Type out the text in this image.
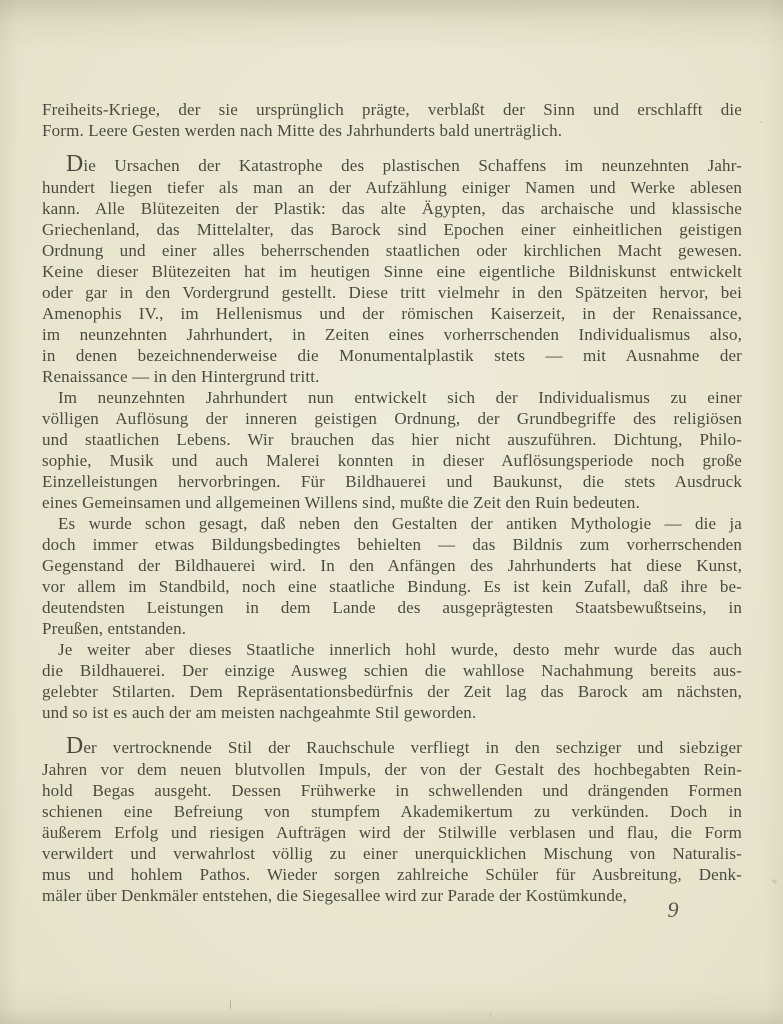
Freiheits-Kriege, der sie ursprünglich prägte, verblaßt der Sinn und erschlafft die
Form. Leere Gesten werden nach Mitte des Jahrhunderts bald unerträglich.
Die Ursachen der Katastrophe des plastischen Schaffens im neunzehnten Jahr-
hundert liegen tiefer als man an der Aufzählung einiger Namen und Werke ablesen
kann. Alle Blütezeiten der Plastik: das alte Ägypten, das archaische und klassische
Griechenland, das Mittelalter, das Barock sind Epochen einer einheitlichen geistigen
Ordnung und einer alles beherrschenden staatlichen oder kirchlichen Macht gewesen.
Keine dieser Blütezeiten hat im heutigen Sinne eine eigentliche Bildniskunst entwickelt
oder gar in den Vordergrund gestellt. Diese tritt vielmehr in den Spätzeiten hervor, bei
Amenophis IV., im Hellenismus und der römischen Kaiserzeit, in der Renaissance,
im neunzehnten Jahrhundert, in Zeiten eines vorherrschenden Individualismus also,
in denen bezeichnenderweise die Monumentalplastik stets — mit Ausnahme der
Renaissance — in den Hintergrund tritt.
Im neunzehnten Jahrhundert nun entwickelt sich der Individualismus zu einer
völligen Auflösung der inneren geistigen Ordnung, der Grundbegriffe des religiösen
und staatlichen Lebens. Wir brauchen das hier nicht auszuführen. Dichtung, Philo-
sophie, Musik und auch Malerei konnten in dieser Auflösungsperiode noch große
Einzelleistungen hervorbringen. Für Bildhauerei und Baukunst, die stets Ausdruck
eines Gemeinsamen und allgemeinen Willens sind, mußte die Zeit den Ruin bedeuten.
Es wurde schon gesagt, daß neben den Gestalten der antiken Mythologie — die ja
doch immer etwas Bildungsbedingtes behielten — das Bildnis zum vorherrschenden
Gegenstand der Bildhauerei wird. In den Anfängen des Jahrhunderts hat diese Kunst,
vor allem im Standbild, noch eine staatliche Bindung. Es ist kein Zufall, daß ihre be-
deutendsten Leistungen in dem Lande des ausgeprägtesten Staatsbewußtseins, in
Preußen, entstanden.
Je weiter aber dieses Staatliche innerlich hohl wurde, desto mehr wurde das auch
die Bildhauerei. Der einzige Ausweg schien die wahllose Nachahmung bereits aus-
gelebter Stilarten. Dem Repräsentationsbedürfnis der Zeit lag das Barock am nächsten,
und so ist es auch der am meisten nachgeahmte Stil geworden.
Der vertrocknende Stil der Rauchschule verfliegt in den sechziger und siebziger
Jahren vor dem neuen blutvollen Impuls, der von der Gestalt des hochbegabten Rein-
hold Begas ausgeht. Dessen Frühwerke in schwellenden und drängenden Formen
schienen eine Befreiung von stumpfem Akademikertum zu verkünden. Doch in
äußerem Erfolg und riesigen Aufträgen wird der Stilwille verblasen und flau, die Form
verwildert und verwahrlost völlig zu einer unerquicklichen Mischung von Naturalis-
mus und hohlem Pathos. Wieder sorgen zahlreiche Schüler für Ausbreitung, Denk-
mäler über Denkmäler entstehen, die Siegesallee wird zur Parade der Kostümkunde,
9
